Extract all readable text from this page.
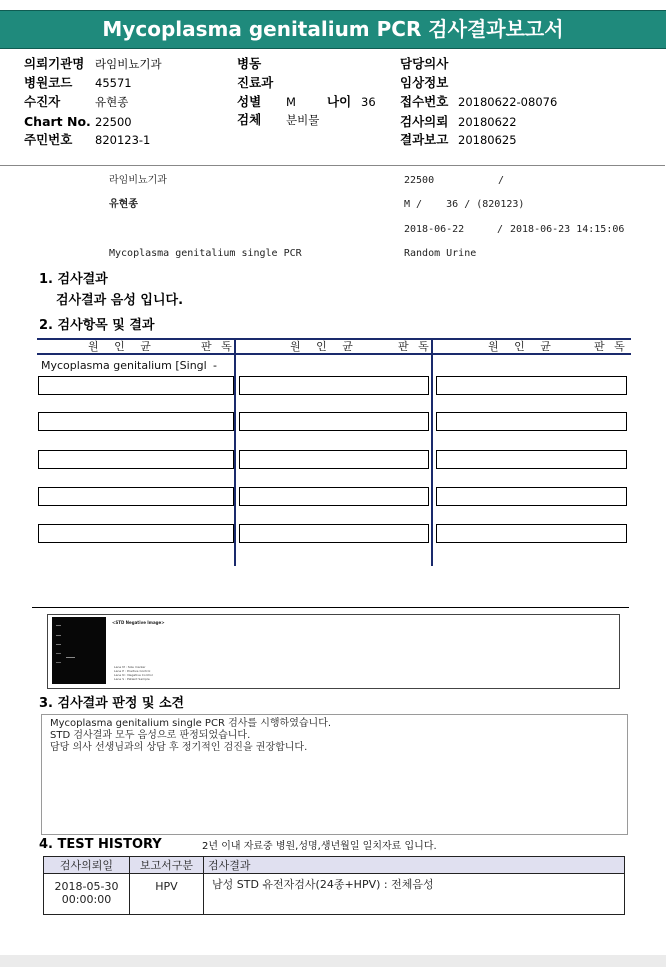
Mycoplasma genitalium PCR 검사결과보고서
의뢰기관명 라임비뇨기과
병원코드 45571
수진자	유현종
Chart No. 22500
주민번호 820123-1
병동
진료과
성별 M 나이 36
검체 분비물
담당의사
임상정보
접수번호 20180622-08076
검사의뢰 20180622
결과보고 20180625
라임비뇨기과	22500	/
유현종	M /    36 / (820123)
2018-06-22	/ 2018-06-23 14:15:06
Mycoplasma genitalium single PCR	Random Urine
1. 검사결과
검사결과 음성 입니다.
2. 검사항목 및 결과
원 인 균	판 독	원 인 균	판 독	원 인 균	판 독
Mycoplasma genitalium [Singl -
<STD Negative Image>
Lane M : Size marker
Lane P : Positive Control
Lane N : Negative Control
Lane S : Patient Sample
3. 검사결과 판정 및 소견
Mycoplasma genitalium single PCR 검사를 시행하였습니다.
STD 검사결과 모두 음성으로 판정되었습니다.
담당 의사 선생님과의 상담 후 정기적인 검진을 권장합니다.
4. TEST HISTORY	2년 이내 자료중 병원,성명,생년월일 일치자료 입니다.
검사의뢰일	보고서구분	검사결과

2018-05-30
00:00:00	HPV	남성 STD 유전자검사(24종+HPV) : 전체음성
